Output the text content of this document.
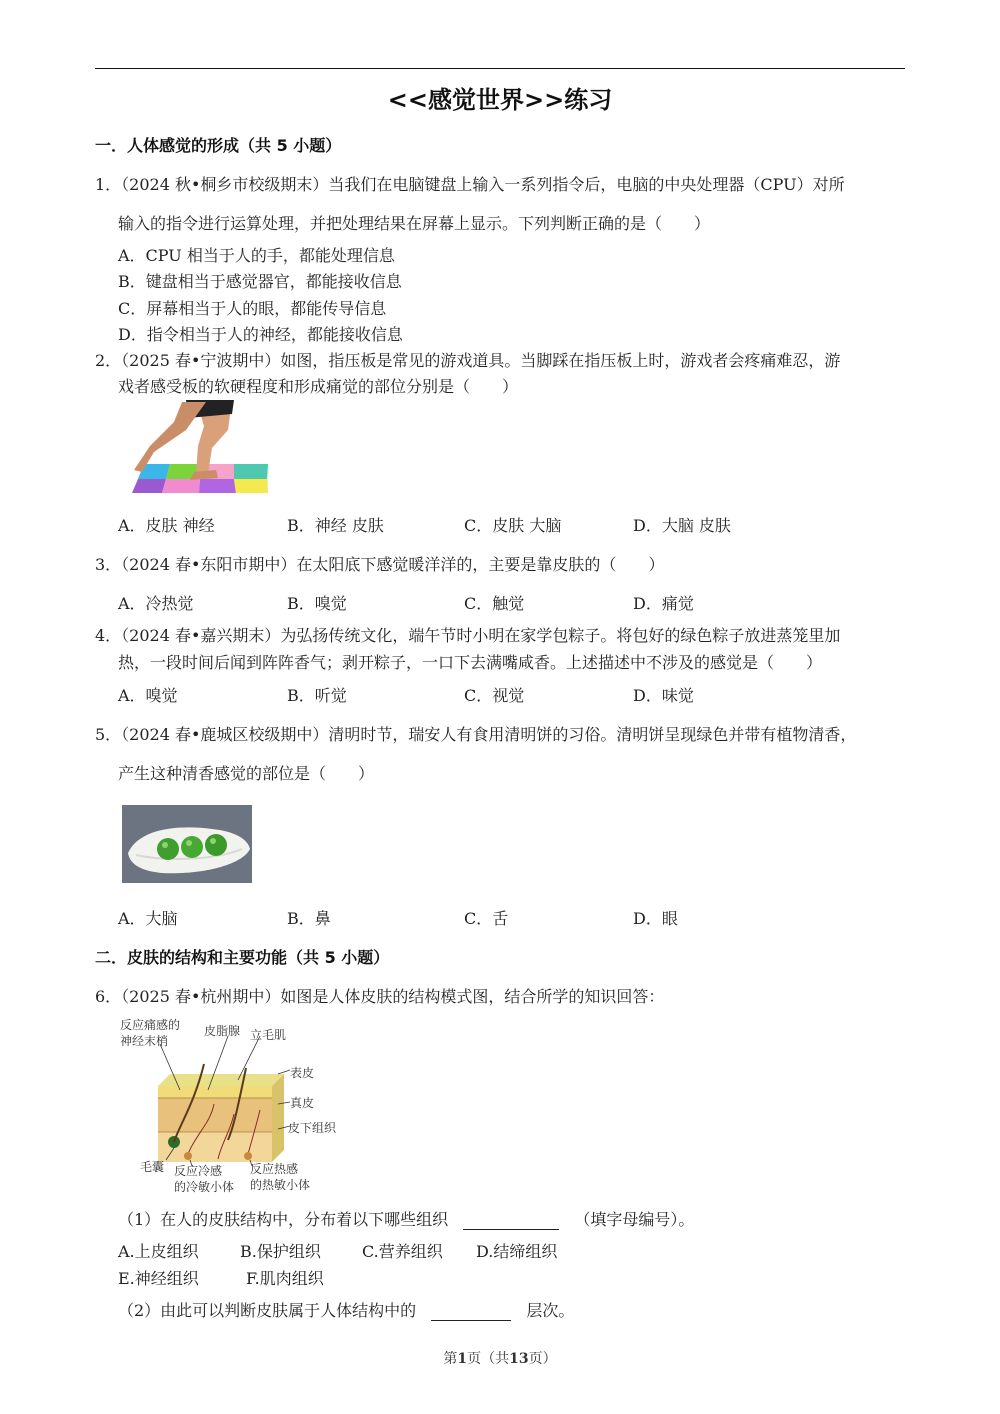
<<感觉世界>>练习
一．人体感觉的形成（共 5 小题）
1．（2024 秋•桐乡市校级期末）当我们在电脑键盘上输入一系列指令后，电脑的中央处理器（CPU）对所
输入的指令进行运算处理，并把处理结果在屏幕上显示。下列判断正确的是（　　）
A．CPU 相当于人的手，都能处理信息
B．键盘相当于感觉器官，都能接收信息
C．屏幕相当于人的眼，都能传导信息
D．指令相当于人的神经，都能接收信息
2．（2025 春•宁波期中）如图，指压板是常见的游戏道具。当脚踩在指压板上时，游戏者会疼痛难忍，游
戏者感受板的软硬程度和形成痛觉的部位分别是（　　）
A．皮肤 神经	B．神经 皮肤	C．皮肤 大脑	D．大脑 皮肤
3．（2024 春•东阳市期中）在太阳底下感觉暖洋洋的，主要是靠皮肤的（　　）
A．冷热觉	B．嗅觉	C．触觉	D．痛觉
4．（2024 春•嘉兴期末）为弘扬传统文化，端午节时小明在家学包粽子。将包好的绿色粽子放进蒸笼里加
热，一段时间后闻到阵阵香气；剥开粽子，一口下去满嘴咸香。上述描述中不涉及的感觉是（　　）
A．嗅觉	B．听觉	C．视觉	D．味觉
5．（2024 春•鹿城区校级期中）清明时节，瑞安人有食用清明饼的习俗。清明饼呈现绿色并带有植物清香，
产生这种清香感觉的部位是（　　）
A．大脑	B．鼻	C．舌	D．眼
二．皮肤的结构和主要功能（共 5 小题）
6．（2025 春•杭州期中）如图是人体皮肤的结构模式图，结合所学的知识回答：
反应痛感的
神经末梢
皮脂腺 立毛肌
表皮
真皮
皮下组织
毛囊 反应冷感
的冷敏小体
反应热感
的热敏小体
（1）在人的皮肤结构中，分布着以下哪些组织	（填字母编号）。
A.上皮组织	B.保护组织	C.营养组织 D.结缔组织
E.神经组织	F.肌肉组织
（2）由此可以判断皮肤属于人体结构中的	层次。
第1页（共13页）
